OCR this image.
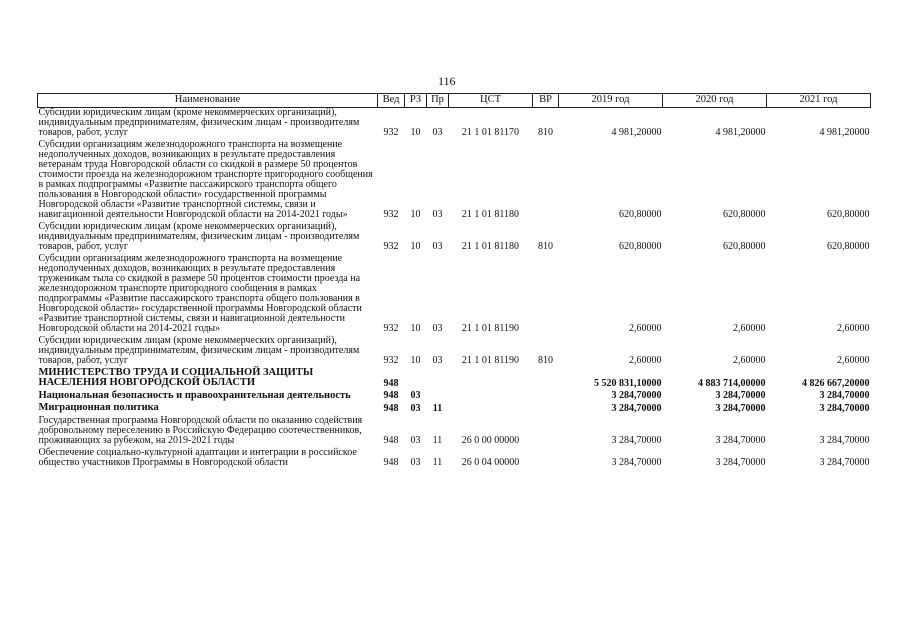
116
Наименование	Вед	РЗ	Пр	ЦСТ	ВР	2019 год	2020 год	2021 год
Субсидии юридическим лицам (кроме некоммерческих организаций), индивидуальным предпринимателям, физическим лицам - производителям товаров, работ, услуг	932	10	03	21 1 01 81170	810	4 981,20000	4 981,20000	4 981,20000
Субсидии организациям железнодорожного транспорта на возмещение недополученных доходов, возникающих в результате предоставления ветеранам труда Новгородской области со скидкой в размере 50 процентов стоимости проезда на железнодорожном транспорте пригородного сообщения в рамках подпрограммы «Развитие пассажирского транспорта общего пользования в Новгородской области» государственной программы Новгородской области «Развитие транспортной системы, связи и навигационной деятельности Новгородской области на 2014-2021 годы»	932	10	03	21 1 01 81180		620,80000	620,80000	620,80000
Субсидии юридическим лицам (кроме некоммерческих организаций), индивидуальным предпринимателям, физическим лицам - производителям товаров, работ, услуг	932	10	03	21 1 01 81180	810	620,80000	620,80000	620,80000
Субсидии организациям железнодорожного транспорта на возмещение недополученных доходов, возникающих в результате предоставления труженикам тыла со скидкой в размере 50 процентов стоимости проезда на железнодорожном транспорте пригородного сообщения в рамках подпрограммы «Развитие пассажирского транспорта общего пользования в Новгородской области» государственной программы Новгородской области «Развитие транспортной системы, связи и навигационной деятельности Новгородской области на 2014-2021 годы»	932	10	03	21 1 01 81190		2,60000	2,60000	2,60000
Субсидии юридическим лицам (кроме некоммерческих организаций), индивидуальным предпринимателям, физическим лицам - производителям товаров, работ, услуг	932	10	03	21 1 01 81190	810	2,60000	2,60000	2,60000
МИНИСТЕРСТВО ТРУДА И СОЦИАЛЬНОЙ ЗАЩИТЫ НАСЕЛЕНИЯ НОВГОРОДСКОЙ ОБЛАСТИ	948					5 520 831,10000	4 883 714,00000	4 826 667,20000
Национальная безопасность и правоохранительная деятельность	948	03				3 284,70000	3 284,70000	3 284,70000
Миграционная политика	948	03	11			3 284,70000	3 284,70000	3 284,70000
Государственная программа Новгородской области по оказанию содействия добровольному переселению в Российскую Федерацию соотечественников, проживающих за рубежом, на 2019-2021 годы	948	03	11	26 0 00 00000		3 284,70000	3 284,70000	3 284,70000
Обеспечение социально-культурной адаптации и интеграции в российское общество участников Программы в Новгородской области	948	03	11	26 0 04 00000		3 284,70000	3 284,70000	3 284,70000
